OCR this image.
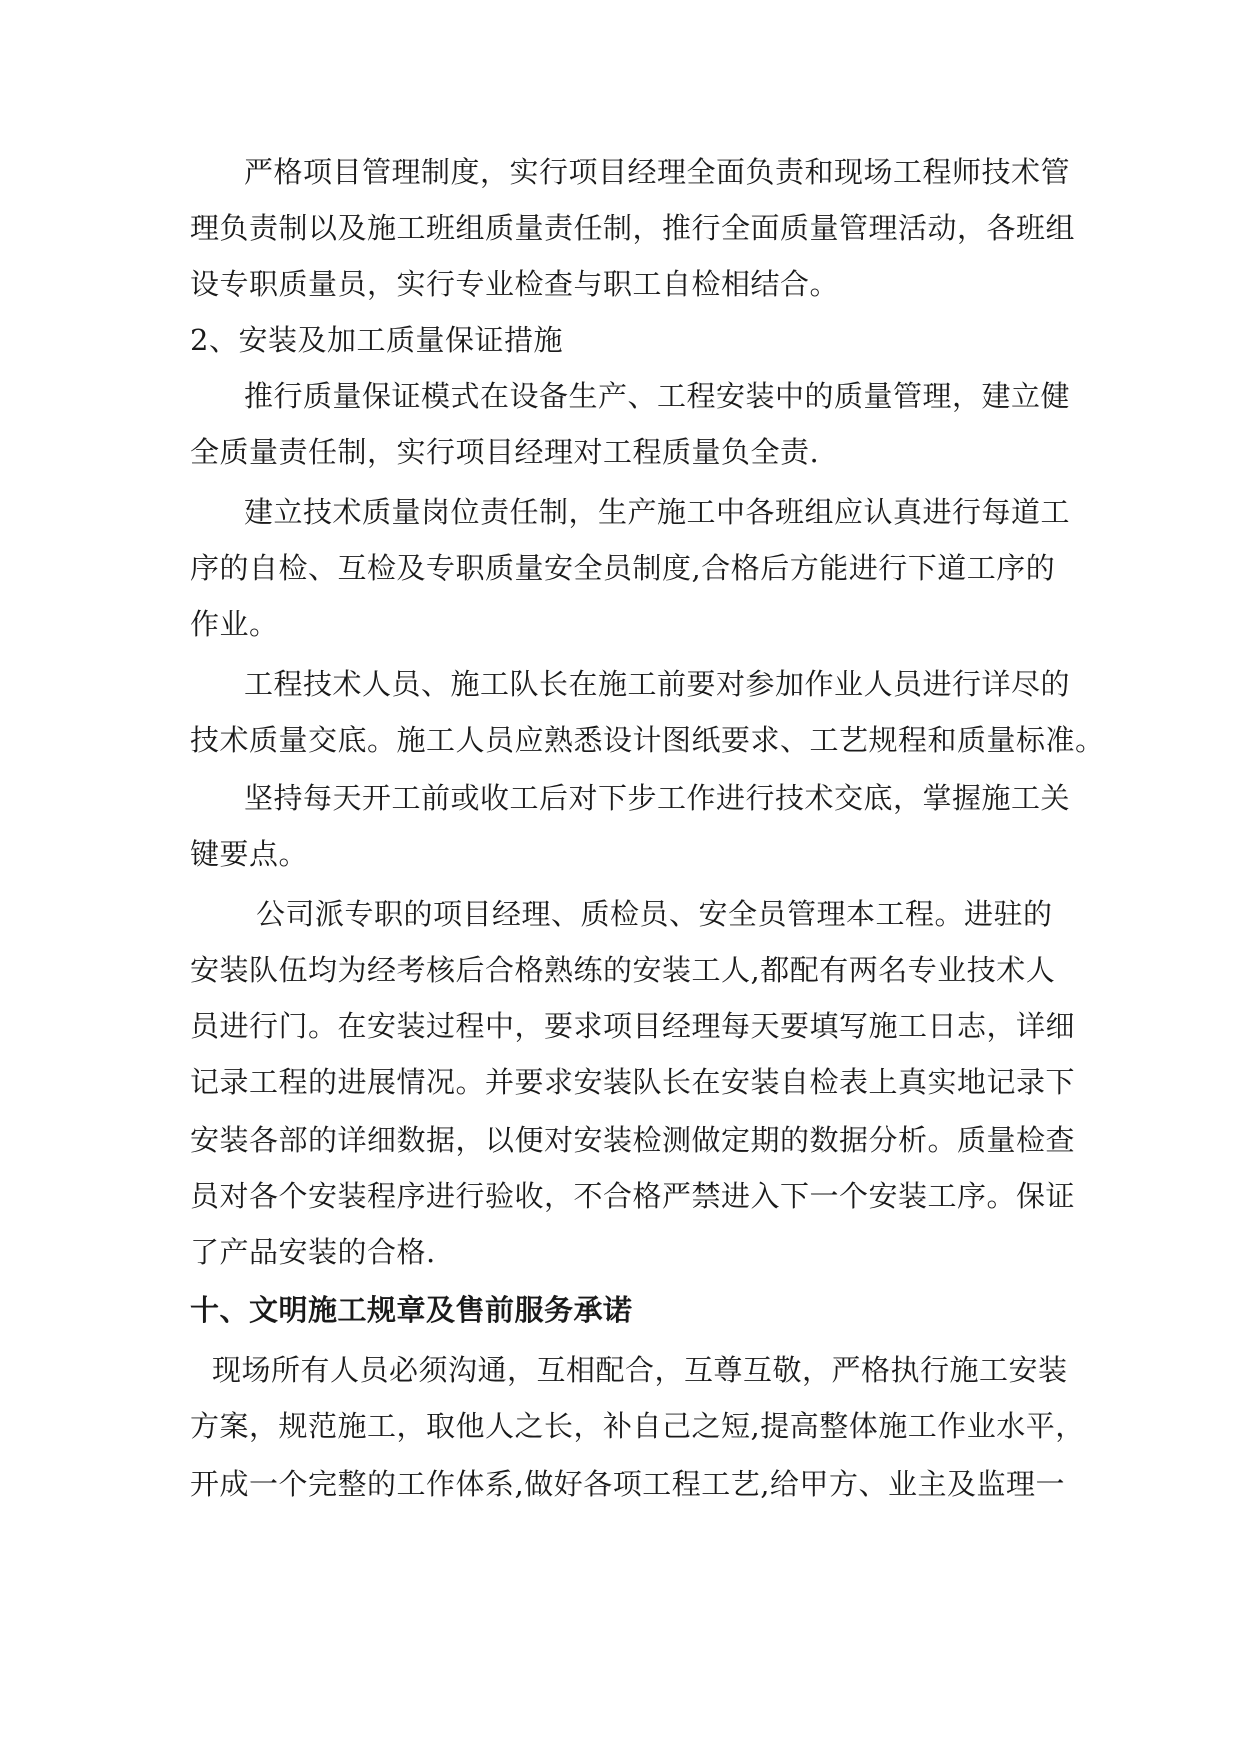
严格项目管理制度，实行项目经理全面负责和现场工程师技术管
理负责制以及施工班组质量责任制，推行全面质量管理活动，各班组
设专职质量员，实行专业检查与职工自检相结合。
2、安装及加工质量保证措施
推行质量保证模式在设备生产、工程安装中的质量管理，建立健
全质量责任制，实行项目经理对工程质量负全责.
建立技术质量岗位责任制，生产施工中各班组应认真进行每道工
序的自检、互检及专职质量安全员制度,合格后方能进行下道工序的
作业。
工程技术人员、施工队长在施工前要对参加作业人员进行详尽的
技术质量交底。施工人员应熟悉设计图纸要求、工艺规程和质量标准。
坚持每天开工前或收工后对下步工作进行技术交底，掌握施工关
键要点。
公司派专职的项目经理、质检员、安全员管理本工程。进驻的
安装队伍均为经考核后合格熟练的安装工人,都配有两名专业技术人
员进行门。在安装过程中，要求项目经理每天要填写施工日志，详细
记录工程的进展情况。并要求安装队长在安装自检表上真实地记录下
安装各部的详细数据，以便对安装检测做定期的数据分析。质量检查
员对各个安装程序进行验收，不合格严禁进入下一个安装工序。保证
了产品安装的合格.
十、文明施工规章及售前服务承诺
现场所有人员必须沟通，互相配合，互尊互敬，严格执行施工安装
方案，规范施工，取他人之长，补自己之短,提高整体施工作业水平，
开成一个完整的工作体系,做好各项工程工艺,给甲方、业主及监理一
